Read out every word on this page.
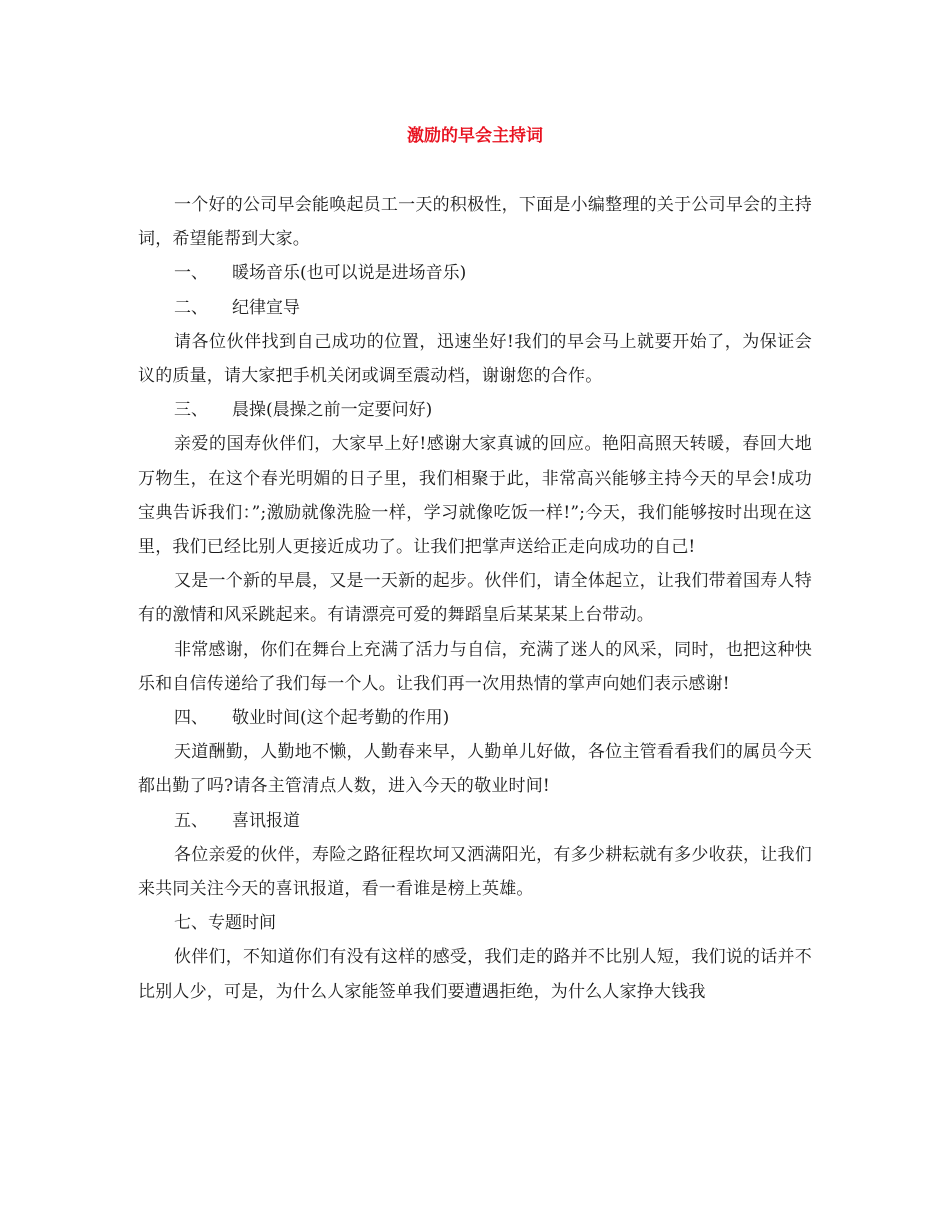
激励的早会主持词

一个好的公司早会能唤起员工一天的积极性，下面是小编整理的关于公司早会的主持词，希望能帮到大家。

一、 暖场音乐(也可以说是进场音乐)

二、 纪律宣导

请各位伙伴找到自己成功的位置，迅速坐好!我们的早会马上就要开始了，为保证会议的质量，请大家把手机关闭或调至震动档，谢谢您的合作。

三、 晨操(晨操之前一定要问好)

亲爱的国寿伙伴们，大家早上好!感谢大家真诚的回应。艳阳高照天转暖，春回大地万物生，在这个春光明媚的日子里，我们相聚于此，非常高兴能够主持今天的早会!成功宝典告诉我们：”;激励就像洗脸一样，学习就像吃饭一样!”;今天，我们能够按时出现在这里，我们已经比别人更接近成功了。让我们把掌声送给正走向成功的自己!

又是一个新的早晨，又是一天新的起步。伙伴们，请全体起立，让我们带着国寿人特有的激情和风采跳起来。有请漂亮可爱的舞蹈皇后某某某上台带动。

非常感谢，你们在舞台上充满了活力与自信，充满了迷人的风采，同时，也把这种快乐和自信传递给了我们每一个人。让我们再一次用热情的掌声向她们表示感谢!

四、 敬业时间(这个起考勤的作用)

天道酬勤，人勤地不懒，人勤春来早，人勤单儿好做，各位主管看看我们的属员今天都出勤了吗?请各主管清点人数，进入今天的敬业时间!

五、 喜讯报道

各位亲爱的伙伴，寿险之路征程坎坷又洒满阳光，有多少耕耘就有多少收获，让我们来共同关注今天的喜讯报道，看一看谁是榜上英雄。

七、专题时间

伙伴们，不知道你们有没有这样的感受，我们走的路并不比别人短，我们说的话并不比别人少，可是，为什么人家能签单我们要遭遇拒绝，为什么人家挣大钱我
